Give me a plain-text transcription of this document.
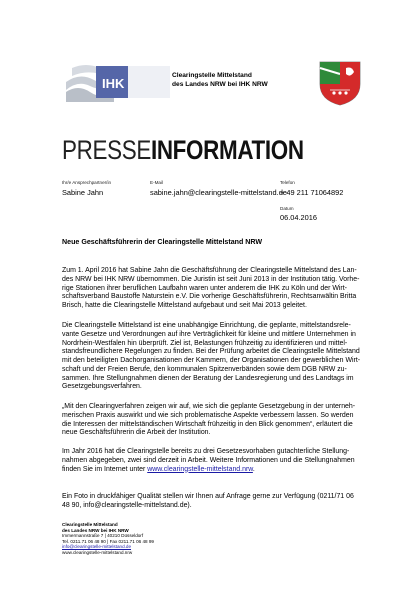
IHK
Clearingstelle Mittelstand
des Landes NRW bei IHK NRW
PRESSEINFORMATION
Ihr/e Ansprechpartner/in
Sabine Jahn
E-Mail
sabine.jahn@clearingstelle-mittelstand.de
Telefon
+ 49 211 71064892
Datum
06.04.2016
Neue Geschäftsführerin der Clearingstelle Mittelstand NRW
Zum 1. April 2016 hat Sabine Jahn die Geschäftsführung der Clearingstelle Mittelstand des Lan-
des NRW bei IHK NRW übernommen. Die Juristin ist seit Juni 2013 in der Institution tätig. Vorhe-
rige Stationen ihrer beruflichen Laufbahn waren unter anderem die IHK zu Köln und der Wirt-
schaftsverband Baustoffe Naturstein e.V. Die vorherige Geschäftsführerin, Rechtsanwältin Britta
Brisch, hatte die Clearingstelle Mittelstand aufgebaut und seit Mai 2013 geleitet.
Die Clearingstelle Mittelstand ist eine unabhängige Einrichtung, die geplante, mittelstandsrele-
vante Gesetze und Verordnungen auf ihre Verträglichkeit für kleine und mittlere Unternehmen in
Nordrhein-Westfalen hin überprüft. Ziel ist, Belastungen frühzeitig zu identifizieren und mittel-
standsfreundlichere Regelungen zu finden. Bei der Prüfung arbeitet die Clearingstelle Mittelstand
mit den beteiligten Dachorganisationen der Kammern, der Organisationen der gewerblichen Wirt-
schaft und der Freien Berufe, den kommunalen Spitzenverbänden sowie dem DGB NRW zu-
sammen. Ihre Stellungnahmen dienen der Beratung der Landesregierung und des Landtags im
Gesetzgebungsverfahren.
„Mit den Clearingverfahren zeigen wir auf, wie sich die geplante Gesetzgebung in der unterneh-
merischen Praxis auswirkt und wie sich problematische Aspekte verbessern lassen. So werden
die Interessen der mittelständischen Wirtschaft frühzeitig in den Blick genommen“, erläutert die
neue Geschäftsführerin die Arbeit der Institution.
Im Jahr 2016 hat die Clearingstelle bereits zu drei Gesetzesvorhaben gutachterliche Stellung-
nahmen abgegeben, zwei sind derzeit in Arbeit. Weitere Informationen und die Stellungnahmen
finden Sie im Internet unter www.clearingstelle-mittelstand.nrw.
Ein Foto in druckfähiger Qualität stellen wir Ihnen auf Anfrage gerne zur Verfügung (0211/71 06
48 90, info@clearingstelle-mittelstand.de).
Clearingstelle Mittelstand
des Landes NRW bei IHK NRW
Immermannstraße 7 | 40210 Düsseldorf
Tel. 0211.71 06 48 90 | Fax 0211.71 06 48 99
info@clearingstelle-mittelstand.de
www.clearingstelle-mittelstand.nrw
